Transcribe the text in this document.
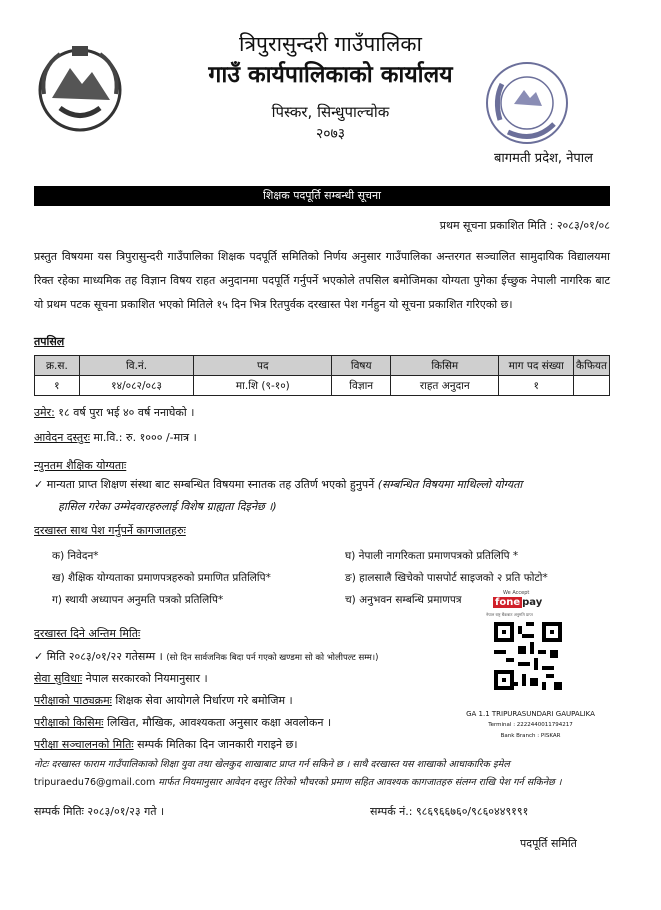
त्रिपुरासुन्दरी गाउँपालिका
गाउँ कार्यपालिकाको कार्यालय
पिस्कर, सिन्धुपाल्चोक
२०७३
बागमती प्रदेश, नेपाल
शिक्षक पदपूर्ति सम्बन्धी सूचना
प्रथम सूचना प्रकाशित मिति : २०८३/०१/०८
प्रस्तुत विषयमा यस त्रिपुरासुन्दरी गाउँपालिका शिक्षक पदपूर्ति समितिको निर्णय अनुसार गाउँपालिका अन्तरगत सञ्चालित सामुदायिक विद्यालयमा रिक्त रहेका माध्यमिक तह विज्ञान विषय राहत अनुदानमा पदपूर्ति गर्नुपर्ने भएकोले तपसिल बमोजिमका योग्यता पुगेका ईच्छुक नेपाली नागरिक बाट यो प्रथम पटक सूचना प्रकाशित भएको मितिले १५ दिन भित्र रितपुर्वक दरखास्त पेश गर्नहुन यो सूचना प्रकाशित गरिएको छ।
तपसिल
क्र.स.	वि.नं.	पद	विषय	किसिम	माग पद संख्या	कैफियत
१	१४/०८२/०८३	मा.शि (९-१०)	विज्ञान	राहत अनुदान	१	
उमेर: १८ वर्ष पुरा भई ४० वर्ष ननाघेको ।
आवेदन दस्तुरः मा.वि.: रु. १००० /-मात्र ।
न्युनतम शैक्षिक योग्यताः
✓ मान्यता प्राप्त शिक्षण संस्था बाट सम्बन्धित विषयमा स्नातक तह उतिर्ण भएको हुनुपर्ने (सम्बन्धित विषयमा माथिल्लो योग्यता
हासिल गरेका उम्मेदवारहरुलाई विशेष ग्राह्यता दिइनेछ ।)
दरखास्त साथ पेश गर्नुपर्ने कागजातहरुः
क) निवेदन*
ख) शैक्षिक योग्यताका प्रमाणपत्रहरुको प्रमाणित प्रतिलिपि*
ग) स्थायी अध्यापन अनुमति पत्रको प्रतिलिपि*
घ) नेपाली नागरिकता प्रमाणपत्रको प्रतिलिपि *
ङ) हालसालै खिचेको पासपोर्ट साइजको २ प्रति फोटो*
च) अनुभवन सम्बन्धि प्रमाणपत्र
दरखास्त दिने अन्तिम मितिः
✓ मिति २०८३/०१/२२ गतेसम्म । (सो दिन सार्वजनिक बिदा पर्न गएको खण्डमा सो को भोलीपल्ट सम्म।)
सेवा सुविधाः नेपाल सरकारको नियमानुसार ।
परीक्षाको पाठ्यक्रमः शिक्षक सेवा आयोगले निर्धारण गरे बमोजिम ।
परीक्षाको किसिमः लिखित, मौखिक, आवश्यकता अनुसार कक्षा अवलोकन ।
परीक्षा सञ्चालनको मितिः सम्पर्क मितिका दिन जानकारी गराइने छ।
नोटः दरखास्त फाराम गाउँपालिकाको शिक्षा युवा तथा खेलकुद शाखाबाट प्राप्त गर्न सकिने छ । साथै दरखास्त यस शाखाको आधाकारिक इमेल
tripuraedu76@gmail.com मार्फत नियमानुसार आवेदन दस्तुर तिरेको भौचरको प्रमाण सहित आवश्यक कागजातहरु संलग्न राखि पेश गर्न सकिनेछ ।
सम्पर्क मितिः २०८३/०१/२३ गते ।	सम्पर्क नं.: ९८६९६६७६०/९८६०४४९१९१
पदपूर्ति समिति
We Accept
fone pay
नेपाल राष्ट्र बैंकबाट अनुमति प्राप्त
GA 1.1 TRIPURASUNDARI GAUPALIKA
Terminal : 2222440011794217
Bank Branch : PISKAR
